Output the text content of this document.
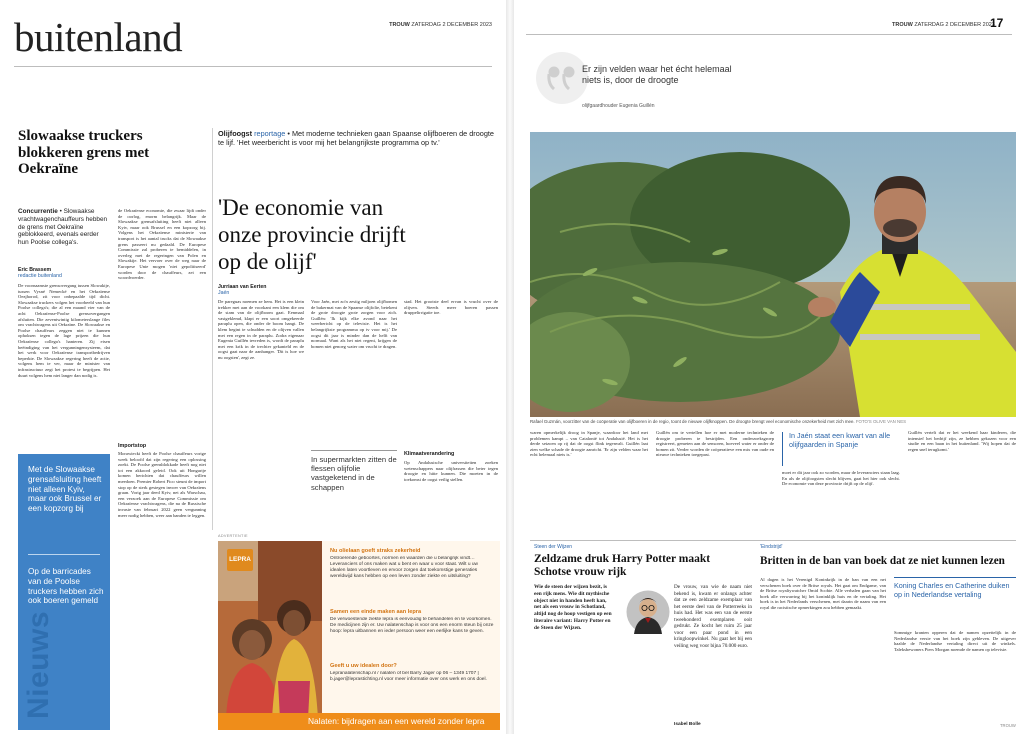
buitenland	TROUW ZATERDAG 2 DECEMBER 2023
Slowaakse truckers blokkeren grens met Oekraïne
Concurrentie • Slowaakse vrachtwagenchauffeurs hebben de grens met Oekraïne geblokkeerd, evenals eerder hun Poolse collega's.
Eric Brassem
redactie buitenland
De voornaamste grensovergang tussen Slowakije, tussen Vysné Nemecké en het Oekraïense Oezjhorod, zit voor onbepaalde tijd dicht. Slowaakse truckers volgen het voorbeeld van hun Poolse collega's; die al een maand vier van de acht Oekraïense-Poolse grensovergangen afsluiten. Die zeventwintig kilometerslange files om vrachtwagens uit Oekraïne. De Slowaakse en Poolse chauffeurs zeggen niet te kunnen ophoksen tegen de lage prijzen die hun Oekraïense collega's hanteren. Zij eisen beëindiging van het vergunningensysteem, dat het werk voor Oekraïense transportbedrijven beperkte. De Slowaakse regering heeft de actie, volgens hem te ver, maar de minister van infrastructuur zegt het protest te begrijpen. Het duurt volgens hem niet langer dan nodig is.
de Oekraïense economie, die zwaar lijdt onder de oorlog, enorm belangrijk. Maar de Slowaakse grensafsluiting heeft niet alleen Kyiv, maar ook Brussel en een kopzorg bij. Volgens het Oekraïense ministerie van transport is het aantal trucks dat de Slowaakse grens passeert nu gedaald. De Europese Commissie zal proberen te bemiddelen, in overleg met de regeringen van Polen en Slowakije. Het vervoer over de weg naar de Europese Unie mogen 'niet gepolitiseerd' worden door de chauffeurs, zei een woordvoerder.
Importstop
Morawiecki heeft de Poolse chauffeurs vorige week beloofd dat zijn regering een oplossing zoekt. De Poolse grensblokkade heeft nog niet tot een akkoord geleid. Ook uit Hongarije komen berichten dat chauffeurs willen meedoen. Premier Robert Fico steunt de import stop op de sterk gestegen invoer van Oekraïens graan. Vorig jaar deed Kyiv, net als Warschau, een verzoek aan de Europese Commissie om Oekraïense vrachtwagens, die na de Russische invasie van februari 2022 geen vergunning meer nodig hebben, weer aan banden te leggen.
Met de Slowaakse grensafsluiting heeft niet alleen Kyiv, maar ook Brussel er een kopzorg bij
Op de barricades van de Poolse truckers hebben zich ook boeren gemeld
Nieuws
Olijfoogst reportage • Met moderne technieken gaan Spaanse olijfboeren de droogte te lijf. 'Het weerbericht is voor mij het belangrijkste programma op tv.'
'De economie van onze provincie drijft op de olijf'
Jurriaan van Eerten
Jaén
De pareguas noemen ze hem. Het is een klein trekker met aan de voorkant een klem die om de stam van de olijfboom gaat. Eenmaal vastgeklemd, klapt er een soort omgekeerde paraplu open, die onder de boom hangt. De klem begint te schudden en de olijven vallen met een regen in de paraplu. Zodra eigenaar Eugenia Guillén tevreden is, wordt de paraplu met een krik in de trechter gekanteld en de oogst gaat naar de aanhanger. 'Dit is hoe we nu oogsten', zegt ze.
Voor Jaén, met zo'n zestig miljoen olijfbomen de bakermat van de Spaanse olijfolie, betekent de grote droogte grote zorgen voor zich. Guillén: 'Ik kijk elke avond naar het weerbericht op de televisie. Het is het belangrijkste programma op tv voor mij.' De oogst dit jaar is minder dan de helft van normaal. Want als het niet regent, krijgen de bomen niet genoeg water om vrucht te dragen.
stad. Het grootste deel ervan is vrucht over de olijven. Steeds meer boeren passen druppelirrigatie toe.
Klimaatverandering
Op Andalusische universiteiten zoeken wetenschappers naar olijfrassen die beter tegen droogte en hitte kunnen. Die moeten in de toekomst de oogst veilig stellen.
In supermarkten zitten de flessen olijfolie vastgeketend in de schappen
ADVERTENTIE
LEPRA
Nu olielaan goeft straks zekerheid
Ontroerende geboortes, normen en waarden die u belangrijk vindt… Leveranciers of ons maken wat u bent en waar u voor staat. Wilt u uw idealen laten voortleven en ervoor zorgen dat toekomstige generaties wereldwijd kans hebben op een leven zonder ziekte en uitsluiting?
Samen een einde maken aan lepra
De verwoestende ziekte lepra is eenvoudig te behandelen én te voorkomen. De medicijnen zijn er. Uw nalatenschap is voor ons een enorm steun bij onze hoop: lepra uitbannen en ieder persoon weer een eerlijke kans te geven.
Geeft u uw idealen door?
Lepranalatenschap.nl / nalaten of bel Barry Jager op 06 – 1349 1707 | b.jager@leprastichting.nl voor meer informatie over ons werk en ons doel.
Nalaten: bijdragen aan een wereld zonder lepra
TROUW ZATERDAG 2 DECEMBER 2023
17
Er zijn velden waar het écht helemaal niets is, door de droogte
olijfgaardhouder Eugenia Guillén
Rafael Guzmán, voorzitter van de coöperatie van olijfboeren in de regio, toont de nieuwe olijfknoppen. De droogte brengt veel economische onzekerheid met zich mee. FOTO'S OLIVE VAN NES
waren opmerkelijk droog in Spanje, waardoor het land met problemen kampt – van Catalonië tot Andalusië. Het is het derde seizoen op rij dat de oogst flink tegenvalt. Guillén laat zien welke schade de droogte aanricht. 'Er zijn velden waar het echt helemaal niets is.'
Guillén om te vertellen hoe er met moderne technieken de droogte proberen te bestrijden. Een onderzoeksgroep registreert, gemeten aan de sensoren, hoeveel water er onder de bomen zit. Verder worden de coöperatieve een mix van oude en nieuwe technieken toegepast.
In Jaén staat een kwart van alle olijfgaarden in Spanje
moet er dit jaar ook zo worden, maar de leveranciers staan laag. En als de olijfoogsten slecht blijven, gaat het hier ook slecht. De economie van deze provincie drijft op de olijf.
Guillén vertelt dat er het weekend haar kinderen, die intensief het bedrijf zijn, ze hebben gekozen voor een studie en een baan in het buitenland. 'Wij hopen dat de regen snel terugkomt.'
Steen der Wijzen
Zeldzame druk Harry Potter maakt Schotse vrouw rijk
Wie de steen der wijzen bezit, is een rijk mens. Wie dit mythische object niet in handen heeft kan, net als een vrouw in Schotland, altijd nog de hoop vestigen op een literaire variant: Harry Potter en de Steen der Wijzen.
De vrouw, van wie de naam niet bekend is, kwam er onlangs achter dat ze een zeldzame exemplaar van het eerste deel van de Potterreeks in huis had. Het was een van de eerste tweehonderd exemplaren ooit gedrukt. Ze kocht het ruim 25 jaar voor een paar pond in een kringloopwinkel. Nu gaat het bij een veiling weg voor bijna 70.000 euro.
Isabel Bolle
'Eindstrijd'
Britten in de ban van boek dat ze niet kunnen lezen
Al dagen is het Verenigd Koninkrijk in de ban van een net verschenen boek over de Britse royals. Het gaat om Endgame, van de Britse royaltywatcher Omid Scobie. Alle verhalen gaan van het boek alle verwarring bij het koninklijk huis en de vertaling. Het boek is in het Nederlands verschenen, met daarin de naam van een royal die racistische opmerkingen zou hebben gemaakt.
Koning Charles en Catherine duiken op in Nederlandse vertaling
Sommige kranten opperen dat de namen opzettelijk in de Nederlandse versie van het boek zijn gebleven. De uitgever haalde de Nederlandse vertaling direct uit de winkels. Taleksbewoners Piers Morgan noemde de namen op televisie.
TROUW
